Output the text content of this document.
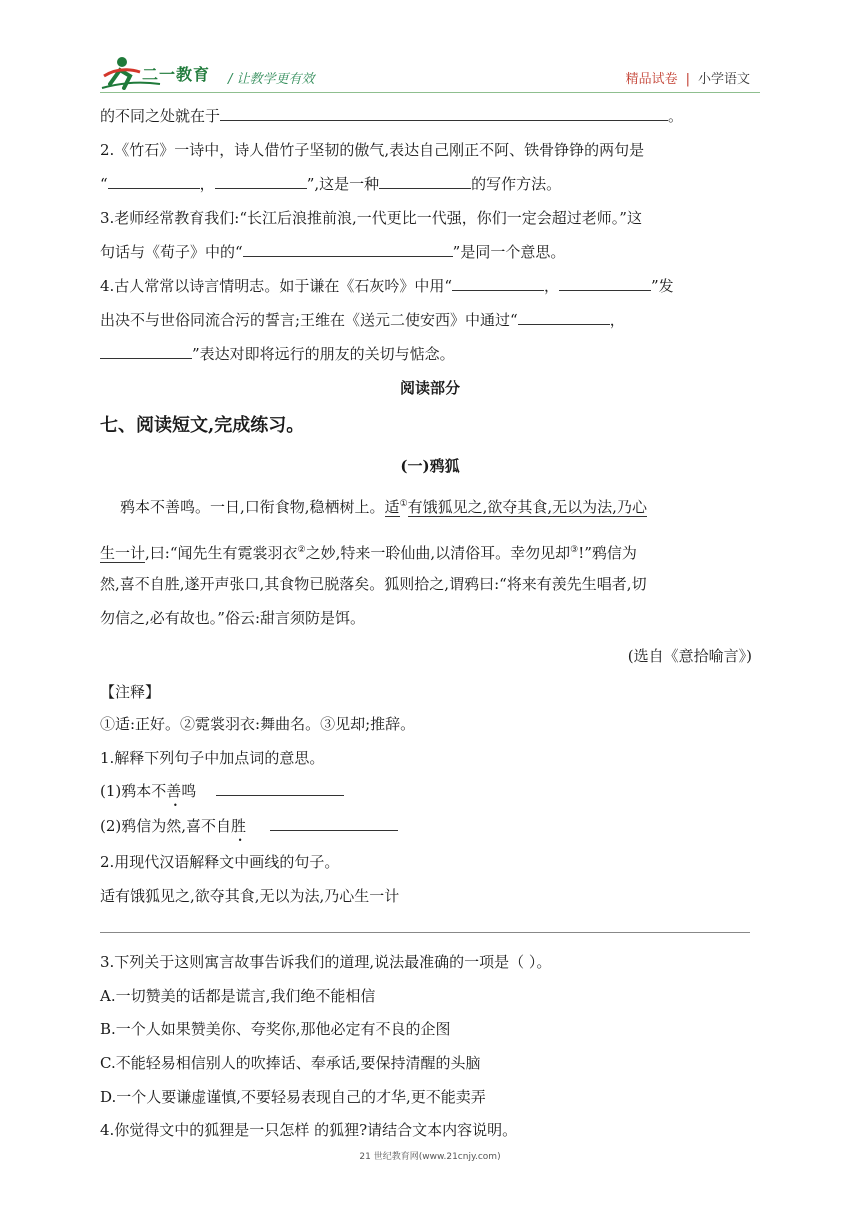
二一教育 / 让教学更有效	精品试卷 | 小学语文
的不同之处就在于	。
2.《竹石》一诗中，诗人借竹子坚韧的傲气,表达自己刚正不阿、铁骨铮铮的两句是
“	，	”,这是一种	的写作方法。
3.老师经常教育我们:“长江后浪推前浪,一代更比一代强，你们一定会超过老师。”这
句话与《荀子》中的“	”是同一个意思。
4.古人常常以诗言情明志。如于谦在《石灰吟》中用“	，	”发
出决不与世俗同流合污的誓言;王维在《送元二使安西》中通过“	，
”表达对即将远行的朋友的关切与惦念。
阅读部分
七、阅读短文,完成练习。
(一)鸦狐
鸦本不善鸣。一日,口衔食物,稳栖树上。适①有饿狐见之,欲夺其食,无以为法,乃心
生一计,曰:“闻先生有霓裳羽衣②之妙,特来一聆仙曲,以清俗耳。幸勿见却③!”鸦信为
然,喜不自胜,遂开声张口,其食物已脱落矣。狐则拾之,谓鸦曰:“将来有羡先生唱者,切
勿信之,必有故也。”俗云:甜言须防是饵。
(选自《意拾喻言》)
【注释】
①适:正好。②霓裳羽衣:舞曲名。③见却;推辞。
1.解释下列句子中加点词的意思。
(1)鸦本不善鸣
(2)鸦信为然,喜不自胜
2.用现代汉语解释文中画线的句子。
适有饿狐见之,欲夺其食,无以为法,乃心生一计
3.下列关于这则寓言故事告诉我们的道理,说法最准确的一项是（ ）。
A.一切赞美的话都是谎言,我们绝不能相信
B.一个人如果赞美你、夸奖你,那他必定有不良的企图
C.不能轻易相信别人的吹捧话、奉承话,要保持清醒的头脑
D.一个人要谦虚谨慎,不要轻易表现自己的才华,更不能卖弄
4.你觉得文中的狐狸是一只怎样 的狐狸?请结合文本内容说明。
21 世纪教育网(www.21cnjy.com)
